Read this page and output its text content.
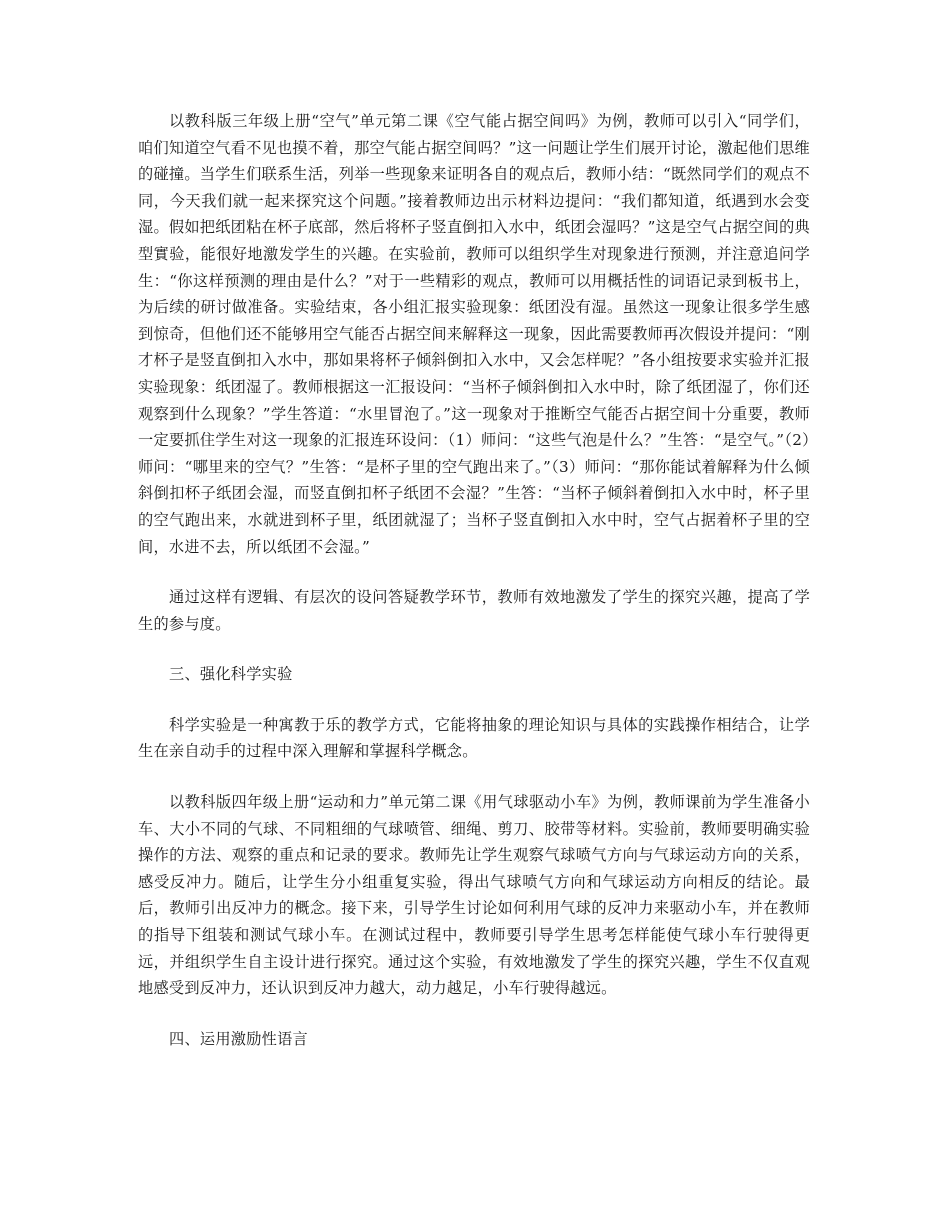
以教科版三年级上册“空气”单元第二课《空气能占据空间吗》为例，教师可以引入“同学们，咱们知道空气看不见也摸不着，那空气能占据空间吗？”这一问题让学生们展开讨论，激起他们思维的碰撞。当学生们联系生活，列举一些现象来证明各自的观点后，教师小结：“既然同学们的观点不同，今天我们就一起来探究这个问题。”接着教师边出示材料边提问：“我们都知道，纸遇到水会变湿。假如把纸团粘在杯子底部，然后将杯子竖直倒扣入水中，纸团会湿吗？”这是空气占据空间的典型實验，能很好地激发学生的兴趣。在实验前，教师可以组织学生对现象进行预测，并注意追问学生：“你这样预测的理由是什么？”对于一些精彩的观点，教师可以用概括性的词语记录到板书上，为后续的研讨做准备。实验结束，各小组汇报实验现象：纸团没有湿。虽然这一现象让很多学生感到惊奇，但他们还不能够用空气能否占据空间来解释这一现象，因此需要教师再次假设并提问：“刚才杯子是竖直倒扣入水中，那如果将杯子倾斜倒扣入水中，又会怎样呢？”各小组按要求实验并汇报实验现象：纸团湿了。教师根据这一汇报设问：“当杯子倾斜倒扣入水中时，除了纸团湿了，你们还观察到什么现象？”学生答道：“水里冒泡了。”这一现象对于推断空气能否占据空间十分重要，教师一定要抓住学生对这一现象的汇报连环设问：（1）师问：“这些气泡是什么？”生答：“是空气。”（2）师问：“哪里来的空气？”生答：“是杯子里的空气跑出来了。”（3）师问：“那你能试着解释为什么倾斜倒扣杯子纸团会湿，而竖直倒扣杯子纸团不会湿？”生答：“当杯子倾斜着倒扣入水中时，杯子里的空气跑出来，水就进到杯子里，纸团就湿了；当杯子竖直倒扣入水中时，空气占据着杯子里的空间，水进不去，所以纸团不会湿。”

通过这样有逻辑、有层次的设问答疑教学环节，教师有效地激发了学生的探究兴趣，提高了学生的参与度。

三、强化科学实验

科学实验是一种寓教于乐的教学方式，它能将抽象的理论知识与具体的实践操作相结合，让学生在亲自动手的过程中深入理解和掌握科学概念。

以教科版四年级上册“运动和力”单元第二课《用气球驱动小车》为例，教师课前为学生准备小车、大小不同的气球、不同粗细的气球喷管、细绳、剪刀、胶带等材料。实验前，教师要明确实验操作的方法、观察的重点和记录的要求。教师先让学生观察气球喷气方向与气球运动方向的关系，感受反冲力。随后，让学生分小组重复实验，得出气球喷气方向和气球运动方向相反的结论。最后，教师引出反冲力的概念。接下来，引导学生讨论如何利用气球的反冲力来驱动小车，并在教师的指导下组装和测试气球小车。在测试过程中，教师要引导学生思考怎样能使气球小车行驶得更远，并组织学生自主设计进行探究。通过这个实验，有效地激发了学生的探究兴趣，学生不仅直观地感受到反冲力，还认识到反冲力越大，动力越足，小车行驶得越远。

四、运用激励性语言
